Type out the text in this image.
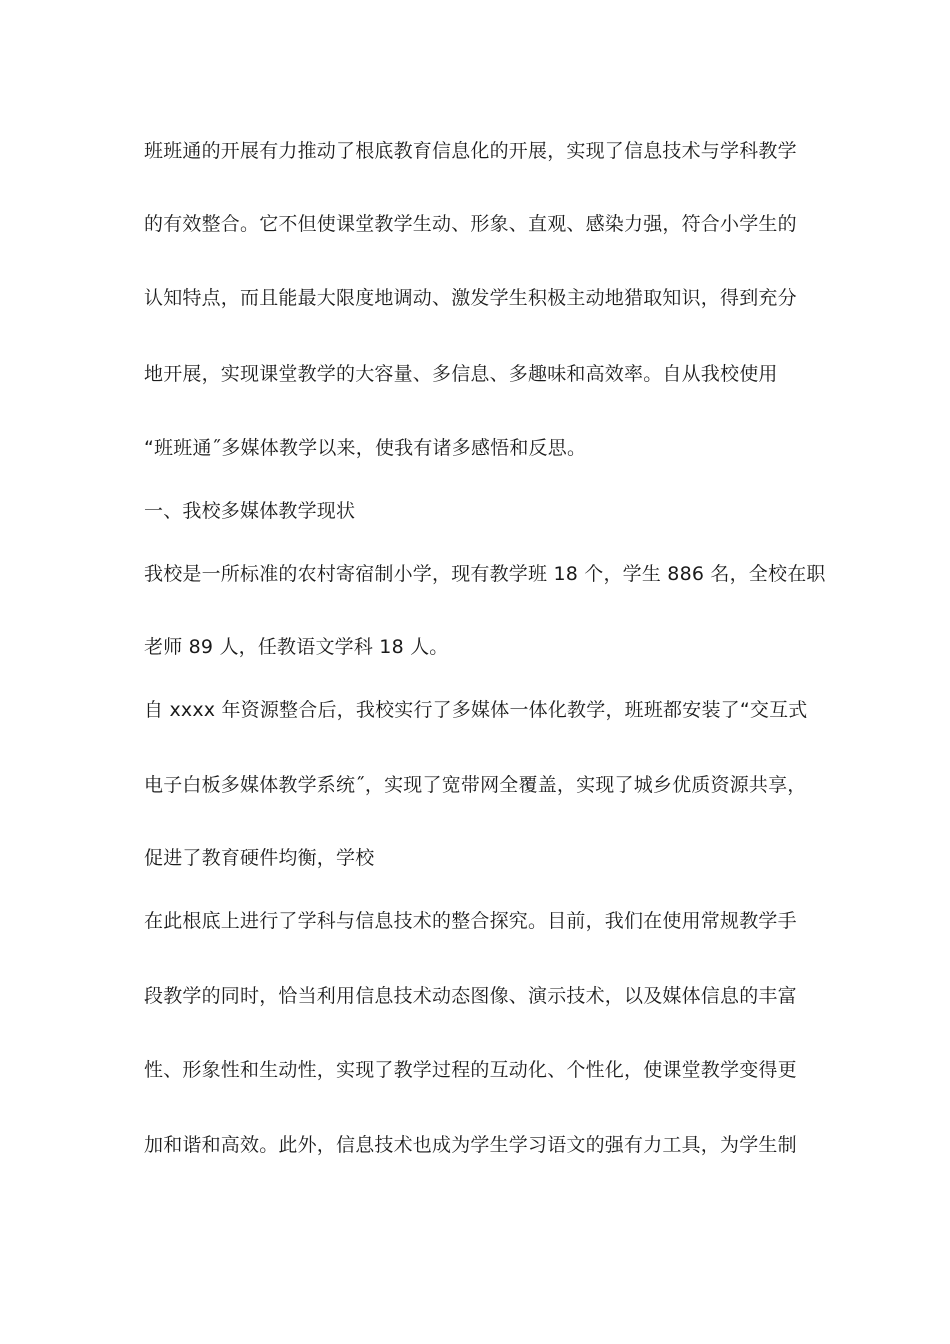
班班通的开展有力推动了根底教育信息化的开展，实现了信息技术与学科教学
的有效整合。它不但使课堂教学生动、形象、直观、感染力强，符合小学生的
认知特点，而且能最大限度地调动、激发学生积极主动地猎取知识，得到充分
地开展，实现课堂教学的大容量、多信息、多趣味和高效率。自从我校使用
“班班通˝多媒体教学以来，使我有诸多感悟和反思。
一、我校多媒体教学现状
我校是一所标准的农村寄宿制小学，现有教学班 18 个，学生 886 名，全校在职
老师 89 人，任教语文学科 18 人。
自 xxxx 年资源整合后，我校实行了多媒体一体化教学，班班都安装了“交互式
电子白板多媒体教学系统˝，实现了宽带网全覆盖，实现了城乡优质资源共享，
促进了教育硬件均衡，学校
在此根底上进行了学科与信息技术的整合探究。目前，我们在使用常规教学手
段教学的同时，恰当利用信息技术动态图像、演示技术，以及媒体信息的丰富
性、形象性和生动性，实现了教学过程的互动化、个性化，使课堂教学变得更
加和谐和高效。此外，信息技术也成为学生学习语文的强有力工具，为学生制
